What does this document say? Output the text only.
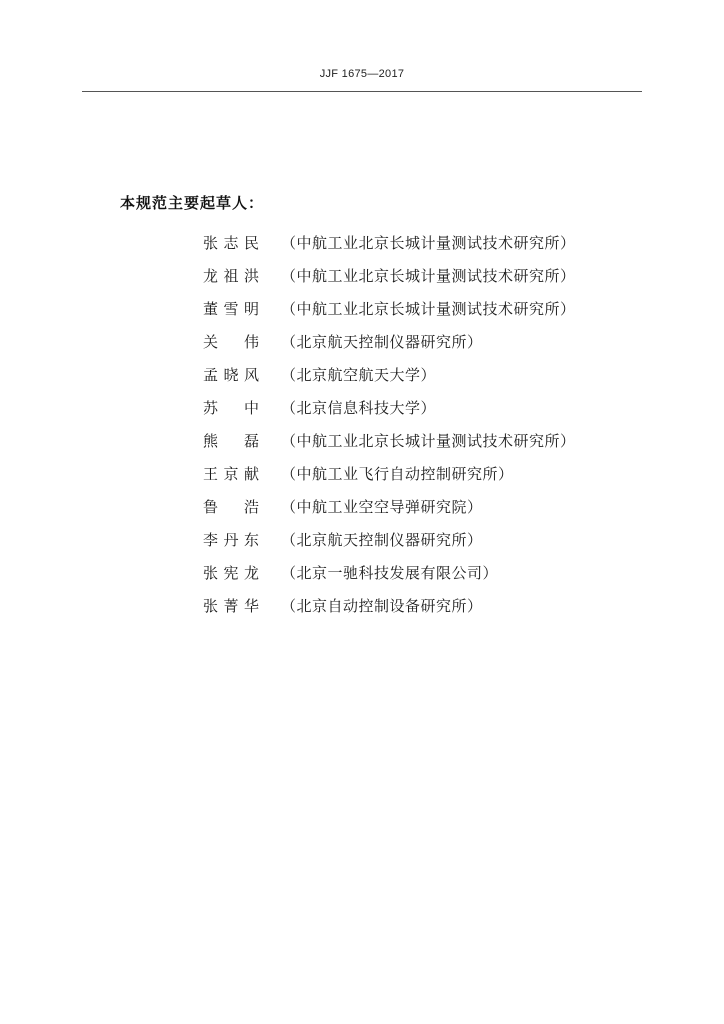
JJF 1675—2017
本规范主要起草人：
张志民 （中航工业北京长城计量测试技术研究所）
龙祖洪 （中航工业北京长城计量测试技术研究所）
董雪明 （中航工业北京长城计量测试技术研究所）
关　伟 （北京航天控制仪器研究所）
孟晓风 （北京航空航天大学）
苏　中 （北京信息科技大学）
熊　磊 （中航工业北京长城计量测试技术研究所）
王京献 （中航工业飞行自动控制研究所）
鲁　浩 （中航工业空空导弹研究院）
李丹东 （北京航天控制仪器研究所）
张宪龙 （北京一驰科技发展有限公司）
张菁华 （北京自动控制设备研究所）
